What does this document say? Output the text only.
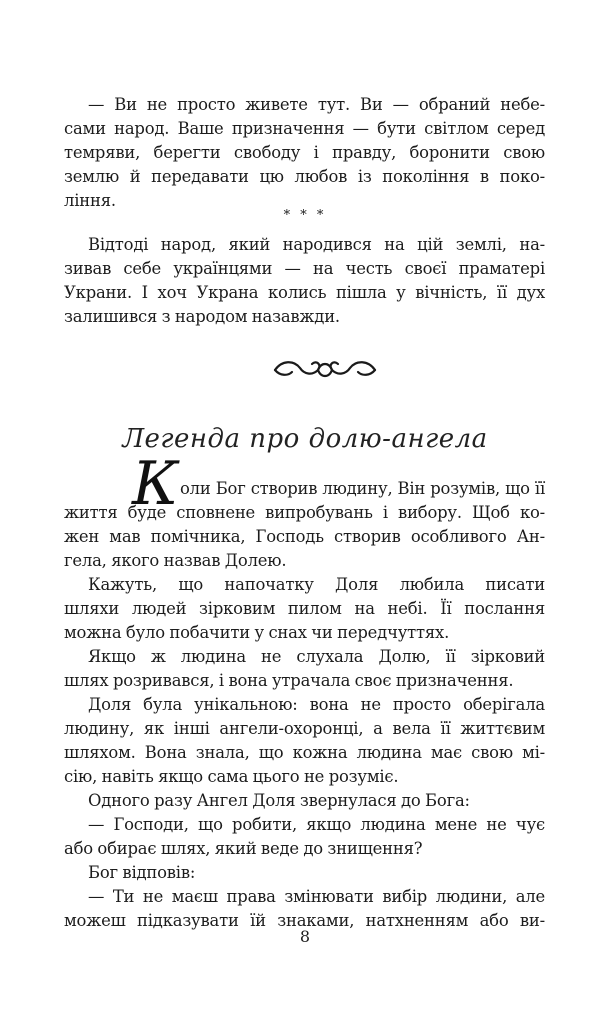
— Ви не просто живете тут. Ви — обраний небе-

сами народ. Ваше призначення — бути світлом серед

темряви, берегти свободу і правду, боронити свою

землю й передавати цю любов із покоління в поко-

ління.

* * *

Відтоді народ, який народився на цій землі, на-

зивав себе українцями — на честь своєї праматері

Украни. І хоч Украна колись пішла у вічність, її дух

залишився з народом назавжди.

Легенда про долю-ангела
К оли Бог створив людину, Він розумів, що її

життя буде сповнене випробувань і вибору. Щоб ко-

жен мав помічника, Господь створив особливого Ан-

гела, якого назвав Долею.

Кажуть, що напочатку Доля любила писати

шляхи людей зірковим пилом на небі. Її послання

можна було побачити у снах чи передчуттях.

Якщо ж людина не слухала Долю, її зірковий

шлях розривався, і вона утрачала своє призначення.

Доля була унікальною: вона не просто оберігала

людину, як інші ангели-охоронці, а вела її життєвим

шляхом. Вона знала, що кожна людина має свою мі-

сію, навіть якщо сама цього не розуміє.

Одного разу Ангел Доля звернулася до Бога:

— Господи, що робити, якщо людина мене не чує

або обирає шлях, який веде до знищення?

Бог відповів:

— Ти не маєш права змінювати вибір людини, але

можеш підказувати їй знаками, натхненням або ви-

8
